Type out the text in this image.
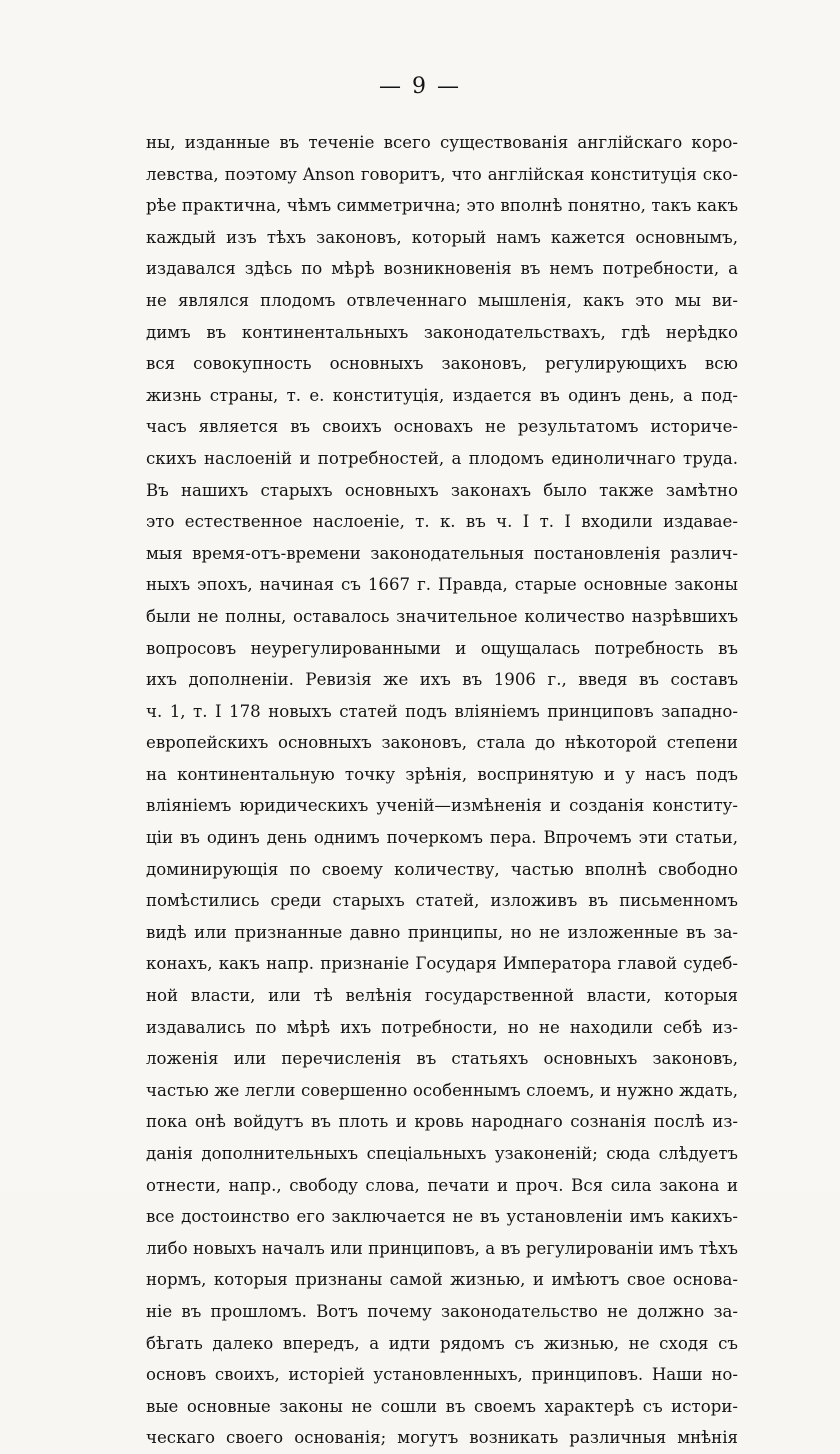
— 9 —
ны, изданные въ теченіе всего существованія англійскаго коро-
левства, поэтому Anson говоритъ, что англійская конституція ско-
рѣе практична, чѣмъ симметрична; это вполнѣ понятно, такъ какъ
каждый изъ тѣхъ законовъ, который намъ кажется основнымъ,
издавался здѣсь по мѣрѣ возникновенія въ немъ потребности, а
не являлся плодомъ отвлеченнаго мышленія, какъ это мы ви-
димъ въ континентальныхъ законодательствахъ, гдѣ нерѣдко
вся совокупность основныхъ законовъ, регулирующихъ всю
жизнь страны, т. е. конституція, издается въ одинъ день, а под-
часъ является въ своихъ основахъ не результатомъ историче-
скихъ наслоеній и потребностей, а плодомъ единоличнаго труда.
Въ нашихъ старыхъ основныхъ законахъ было также замѣтно
это естественное наслоеніе, т. к. въ ч. I т. I входили издавае-
мыя время-отъ-времени законодательныя постановленія различ-
ныхъ эпохъ, начиная съ 1667 г. Правда, старые основные законы
были не полны, оставалось значительное количество назрѣвшихъ
вопросовъ неурегулированными и ощущалась потребность въ
ихъ дополненіи. Ревизія же ихъ въ 1906 г., введя въ составъ
ч. 1, т. I 178 новыхъ статей подъ вліяніемъ принциповъ западно-
европейскихъ основныхъ законовъ, стала до нѣкоторой степени
на континентальную точку зрѣнія, воспринятую и у насъ подъ
вліяніемъ юридическихъ ученій—измѣненія и созданія конститу-
ціи въ одинъ день однимъ почеркомъ пера. Впрочемъ эти статьи,
доминирующія по своему количеству, частью вполнѣ свободно
помѣстились среди старыхъ статей, изложивъ въ письменномъ
видѣ или признанные давно принципы, но не изложенные въ за-
конахъ, какъ напр. признаніе Государя Императора главой судеб-
ной власти, или тѣ велѣнія государственной власти, которыя
издавались по мѣрѣ ихъ потребности, но не находили себѣ из-
ложенія или перечисленія въ статьяхъ основныхъ законовъ,
частью же легли совершенно особеннымъ слоемъ, и нужно ждать,
пока онѣ войдутъ въ плоть и кровь народнаго сознанія послѣ из-
данія дополнительныхъ спеціальныхъ узаконеній; сюда слѣдуетъ
отнести, напр., свободу слова, печати и проч. Вся сила закона и
все достоинство его заключается не въ установленіи имъ какихъ-
либо новыхъ началъ или принциповъ, а въ регулированіи имъ тѣхъ
нормъ, которыя признаны самой жизнью, и имѣютъ свое основа-
ніе въ прошломъ. Вотъ почему законодательство не должно за-
бѣгать далеко впередъ, а идти рядомъ съ жизнью, не сходя съ
основъ своихъ, исторіей установленныхъ, принциповъ. Наши но-
вые основные законы не сошли въ своемъ характерѣ съ истори-
ческаго своего основанія; могутъ возникать различныя мнѣнія
